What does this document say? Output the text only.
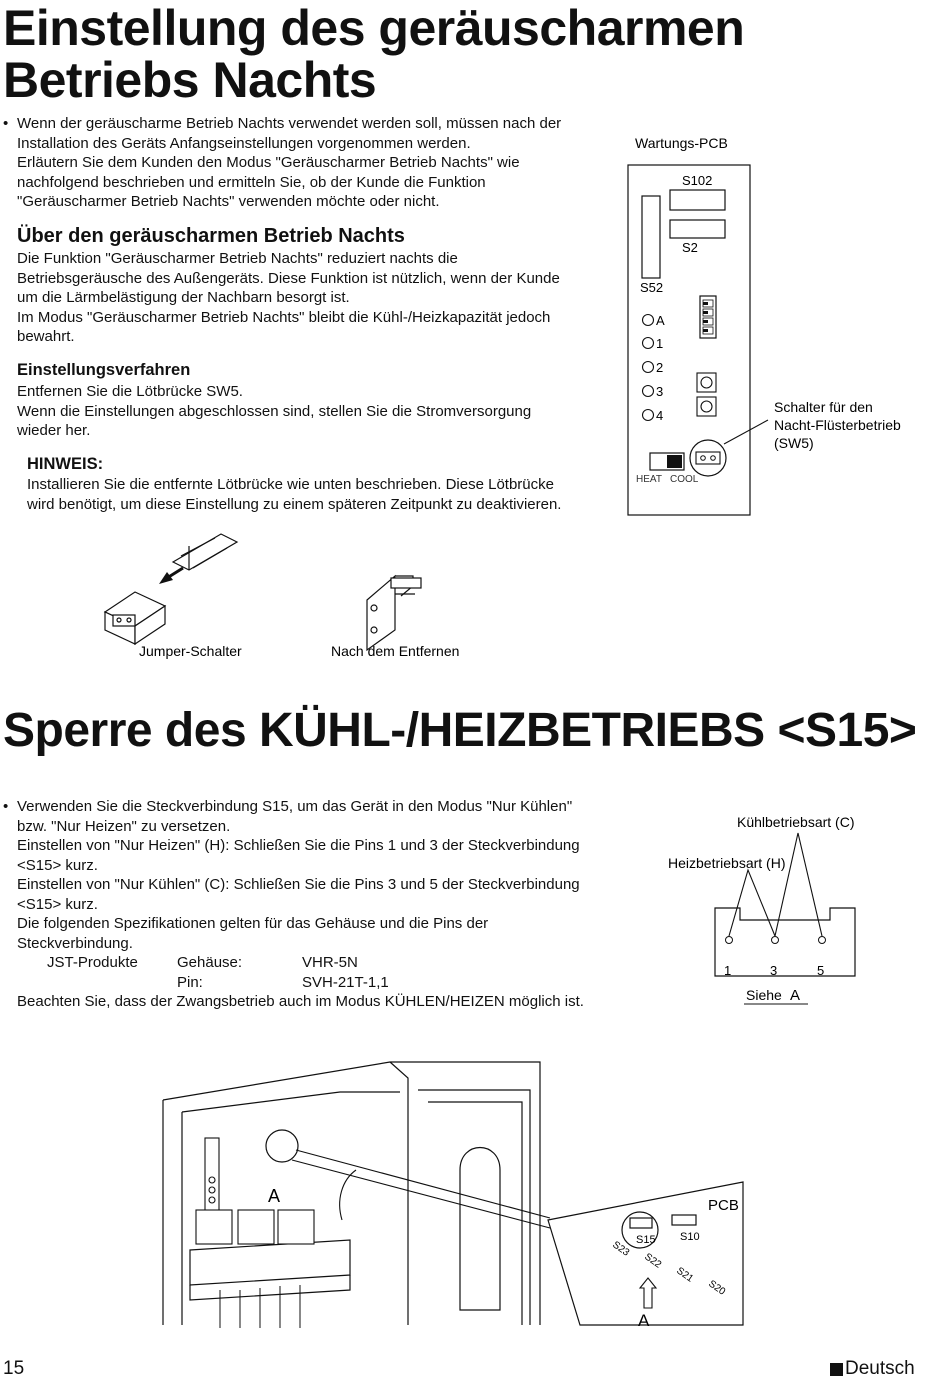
Einstellung des geräuscharmen
Betriebs Nachts
• Wenn der geräuscharme Betrieb Nachts verwendet werden soll, müssen nach der
Installation des Geräts Anfangseinstellungen vorgenommen werden.
Erläutern Sie dem Kunden den Modus "Geräuscharmer Betrieb Nachts" wie
nachfolgend beschrieben und ermitteln Sie, ob der Kunde die Funktion
"Geräuscharmer Betrieb Nachts" verwenden möchte oder nicht.
Über den geräuscharmen Betrieb Nachts
Die Funktion "Geräuscharmer Betrieb Nachts" reduziert nachts die
Betriebsgeräusche des Außengeräts. Diese Funktion ist nützlich, wenn der Kunde
um die Lärmbelästigung der Nachbarn besorgt ist.
Im Modus "Geräuscharmer Betrieb Nachts" bleibt die Kühl-/Heizkapazität jedoch
bewahrt.
Einstellungsverfahren
Entfernen Sie die Lötbrücke SW5.
Wenn die Einstellungen abgeschlossen sind, stellen Sie die Stromversorgung
wieder her.
HINWEIS:
Installieren Sie die entfernte Lötbrücke wie unten beschrieben. Diese Lötbrücke
wird benötigt, um diese Einstellung zu einem späteren Zeitpunkt zu deaktivieren.
Wartungs-PCB
S102
S2
S52
A
1
2
3
4
HEAT COOL
Schalter für den
Nacht-Flüsterbetrieb
(SW5)
Jumper-Schalter	Nach dem Entfernen
Sperre des KÜHL-/HEIZBETRIEBS <S15>
• Verwenden Sie die Steckverbindung S15, um das Gerät in den Modus "Nur Kühlen"
bzw. "Nur Heizen" zu versetzen.
Einstellen von "Nur Heizen" (H): Schließen Sie die Pins 1 und 3 der Steckverbindung
<S15> kurz.
Einstellen von "Nur Kühlen" (C): Schließen Sie die Pins 3 und 5 der Steckverbindung
<S15> kurz.
Die folgenden Spezifikationen gelten für das Gehäuse und die Pins der
Steckverbindung.
JST-Produkte	Gehäuse:	VHR-5N
Pin:	SVH-21T-1,1
Beachten Sie, dass der Zwangsbetrieb auch im Modus KÜHLEN/HEIZEN möglich ist.
Kühlbetriebsart (C)
Heizbetriebsart (H)
1	3	5
Siehe A
A
S23 S15 S10
S22
S21
S20
PCB
A
15	Deutsch
